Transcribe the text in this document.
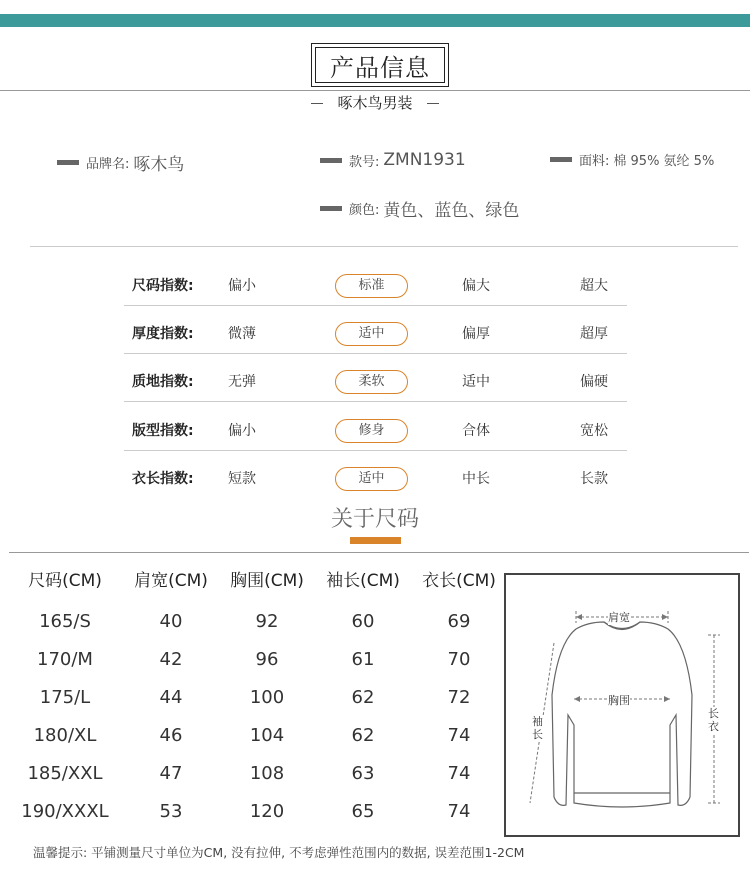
产品信息
啄木鸟男装
品牌名: 啄木鸟	款号: ZMN1931	面料: 棉 95% 氨纶 5%
颜色: 黄色、蓝色、绿色
尺码指数: 偏小	标准	偏大	超大
厚度指数: 微薄	适中	偏厚	超厚
质地指数: 无弹	柔软	适中	偏硬
版型指数: 偏小	修身	合体	宽松
衣长指数: 短款	适中	中长	长款
关于尺码
尺码(CM)	肩宽(CM)	胸围(CM)	袖长(CM)	衣长(CM)
165/S	40	92	60	69
170/M	42	96	61	70
175/L	44	100	62	72
180/XL	46	104	62	74
185/XXL	47	108	63	74
190/XXXL	53	120	65	74
肩宽
胸围
袖长
长衣
温馨提示: 平铺测量尺寸单位为CM, 没有拉伸, 不考虑弹性范围内的数据, 误差范围1-2CM
